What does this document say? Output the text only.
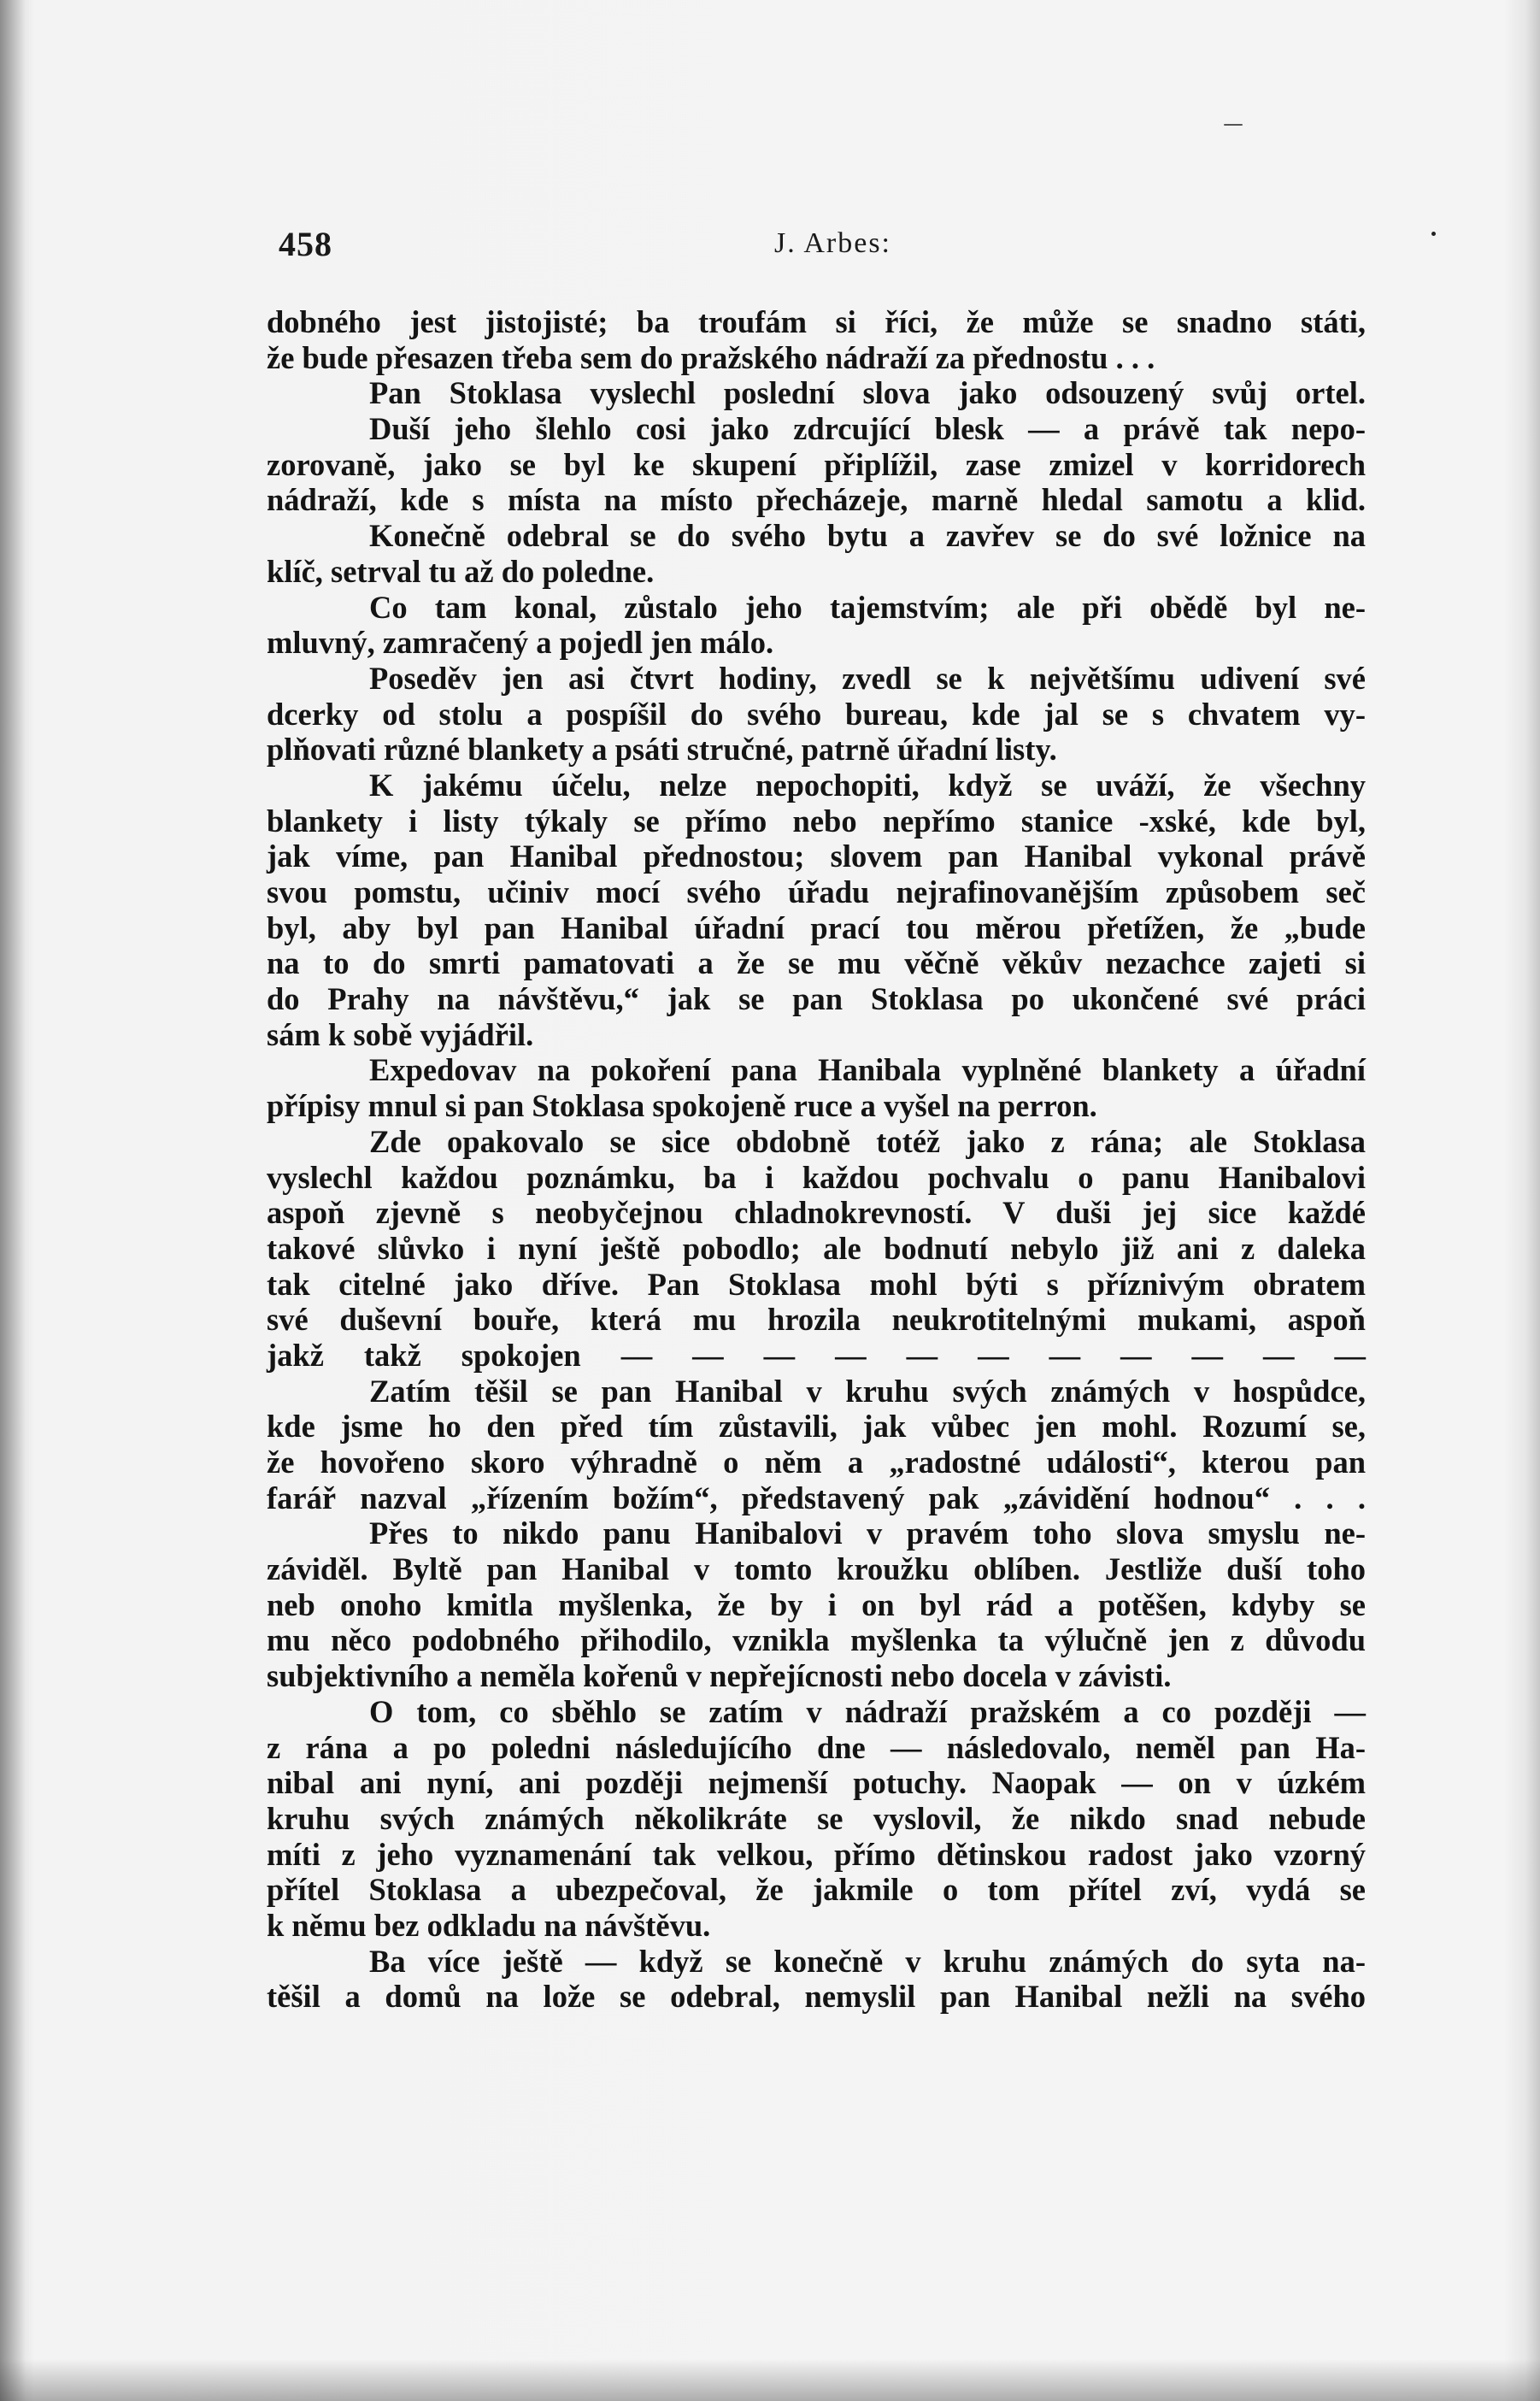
458	J. Arbes:
dobného jest jistojisté; ba troufám si říci, že může se snadno státi,
že bude přesazen třeba sem do pražského nádraží za přednostu . . .
Pan Stoklasa vyslechl poslední slova jako odsouzený svůj ortel.
Duší jeho šlehlo cosi jako zdrcující blesk — a právě tak nepo-
zorovaně, jako se byl ke skupení připlížil, zase zmizel v korridorech
nádraží, kde s místa na místo přecházeje, marně hledal samotu a klid.
Konečně odebral se do svého bytu a zavřev se do své ložnice na
klíč, setrval tu až do poledne.
Co tam konal, zůstalo jeho tajemstvím; ale při obědě byl ne-
mluvný, zamračený a pojedl jen málo.
Poseděv jen asi čtvrt hodiny, zvedl se k největšímu udivení své
dcerky od stolu a pospíšil do svého bureau, kde jal se s chvatem vy-
plňovati různé blankety a psáti stručné, patrně úřadní listy.
K jakému účelu, nelze nepochopiti, když se uváží, že všechny
blankety i listy týkaly se přímo nebo nepřímo stanice -xské, kde byl,
jak víme, pan Hanibal přednostou; slovem pan Hanibal vykonal právě
svou pomstu, učiniv mocí svého úřadu nejrafinovanějším způsobem seč
byl, aby byl pan Hanibal úřadní prací tou měrou přetížen, že „bude
na to do smrti pamatovati a že se mu věčně věkův nezachce zajeti si
do Prahy na návštěvu,“ jak se pan Stoklasa po ukončené své práci
sám k sobě vyjádřil.
Expedovav na pokoření pana Hanibala vyplněné blankety a úřadní
přípisy mnul si pan Stoklasa spokojeně ruce a vyšel na perron.
Zde opakovalo se sice obdobně totéž jako z rána; ale Stoklasa
vyslechl každou poznámku, ba i každou pochvalu o panu Hanibalovi
aspoň zjevně s neobyčejnou chladnokrevností. V duši jej sice každé
takové slůvko i nyní ještě pobodlo; ale bodnutí nebylo již ani z daleka
tak citelné jako dříve. Pan Stoklasa mohl býti s příznivým obratem
své duševní bouře, která mu hrozila neukrotitelnými mukami, aspoň
jakž takž spokojen — — — — — — — — — — —
Zatím těšil se pan Hanibal v kruhu svých známých v hospůdce,
kde jsme ho den před tím zůstavili, jak vůbec jen mohl. Rozumí se,
že hovořeno skoro výhradně o něm a „radostné události“, kterou pan
farář nazval „řízením božím“, představený pak „závidění hodnou“ . . .
Přes to nikdo panu Hanibalovi v pravém toho slova smyslu ne-
záviděl. Byltě pan Hanibal v tomto kroužku oblíben. Jestliže duší toho
neb onoho kmitla myšlenka, že by i on byl rád a potěšen, kdyby se
mu něco podobného přihodilo, vznikla myšlenka ta výlučně jen z důvodu
subjektivního a neměla kořenů v nepřejícnosti nebo docela v závisti.
O tom, co sběhlo se zatím v nádraží pražském a co později —
z rána a po poledni následujícího dne — následovalo, neměl pan Ha-
nibal ani nyní, ani později nejmenší potuchy. Naopak — on v úzkém
kruhu svých známých několikráte se vyslovil, že nikdo snad nebude
míti z jeho vyznamenání tak velkou, přímo dětinskou radost jako vzorný
přítel Stoklasa a ubezpečoval, že jakmile o tom přítel zví, vydá se
k němu bez odkladu na návštěvu.
Ba více ještě — když se konečně v kruhu známých do syta na-
těšil a domů na lože se odebral, nemyslil pan Hanibal nežli na svého
